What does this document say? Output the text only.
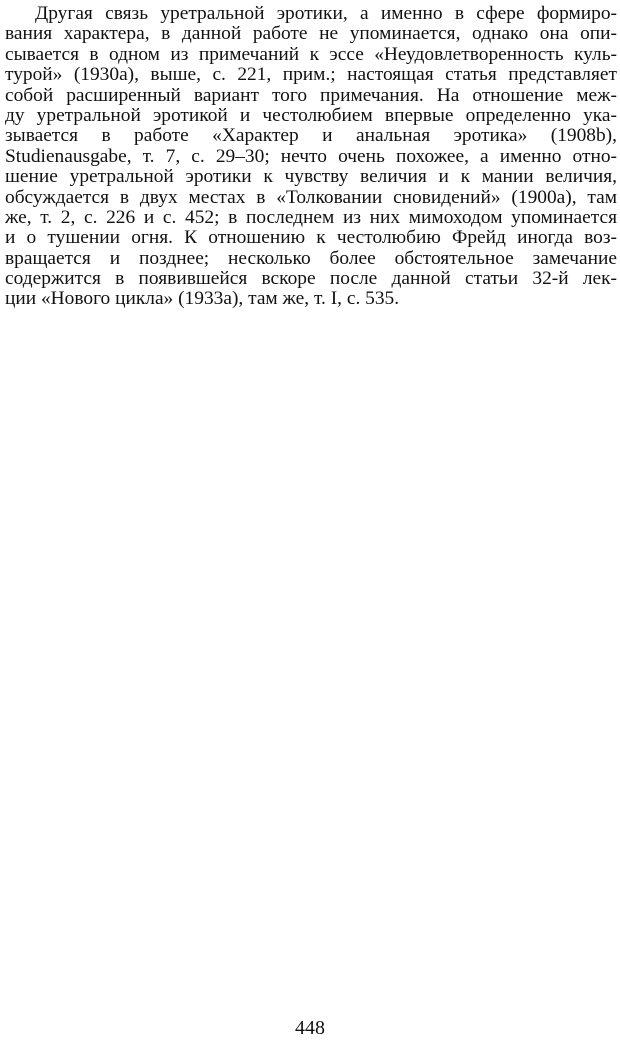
Другая связь уретральной эротики, а именно в сфере формиро-
вания характера, в данной работе не упоминается, однако она опи-
сывается в одном из примечаний к эссе «Неудовлетворенность куль-
турой» (1930а), выше, с. 221, прим.; настоящая статья представляет
собой расширенный вариант того примечания. На отношение меж-
ду уретральной эротикой и честолюбием впервые определенно ука-
зывается в работе «Характер и анальная эротика» (1908b),
Studienausgabe, т. 7, с. 29–30; нечто очень похожее, а именно отно-
шение уретральной эротики к чувству величия и к мании величия,
обсуждается в двух местах в «Толковании сновидений» (1900а), там
же, т. 2, с. 226 и с. 452; в последнем из них мимоходом упоминается
и о тушении огня. К отношению к честолюбию Фрейд иногда воз-
вращается и позднее; несколько более обстоятельное замечание
содержится в появившейся вскоре после данной статьи 32-й лек-
ции «Нового цикла» (1933а), там же, т. I, с. 535.
448
